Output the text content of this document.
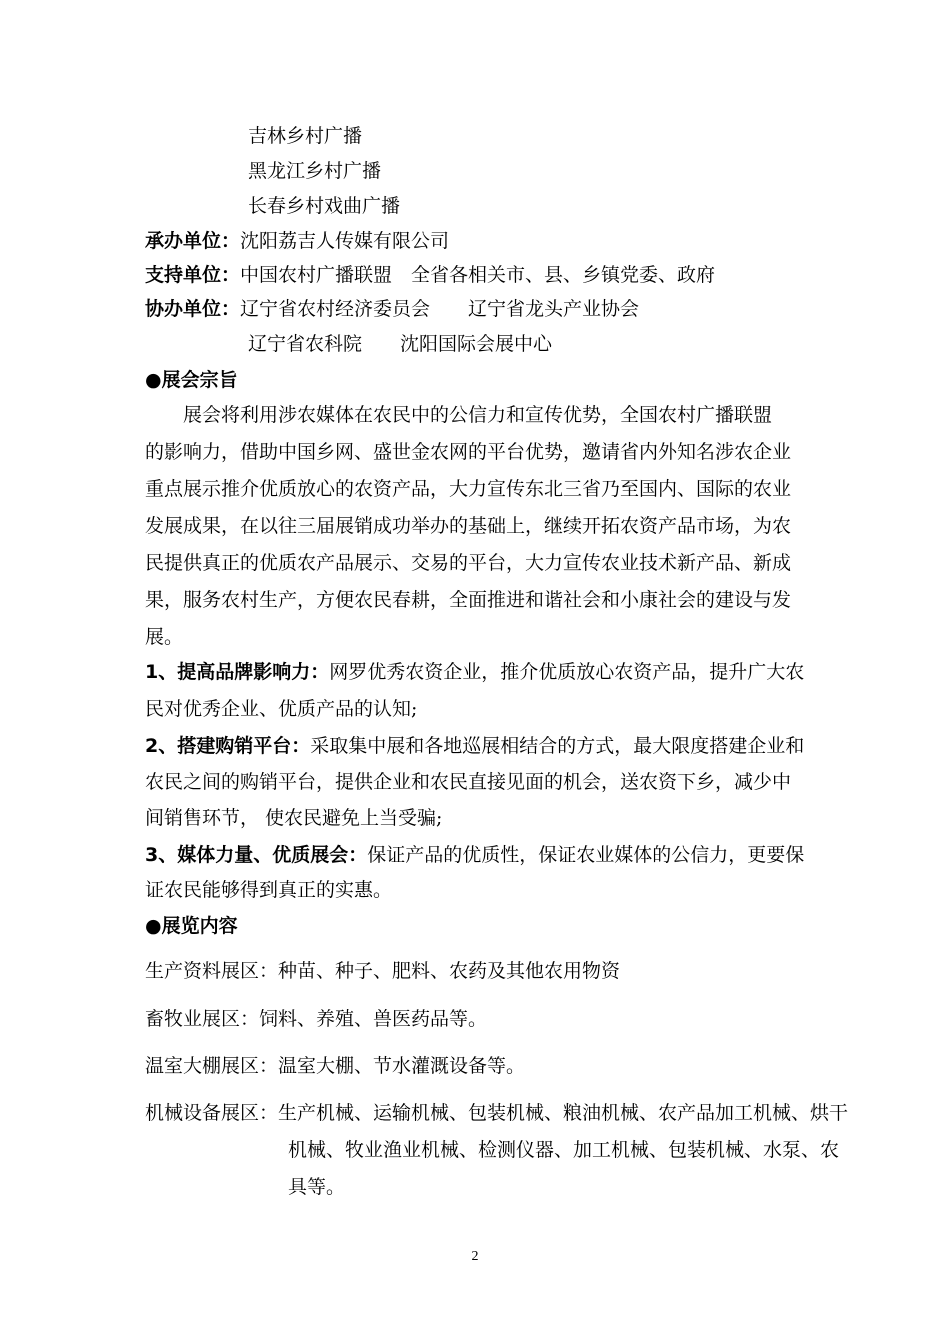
吉林乡村广播
黑龙江乡村广播
长春乡村戏曲广播
承办单位：沈阳荔吉人传媒有限公司
支持单位：中国农村广播联盟　全省各相关市、县、乡镇党委、政府
协办单位：辽宁省农村经济委员会　　辽宁省龙头产业协会
辽宁省农科院　　沈阳国际会展中心
●展会宗旨
展会将利用涉农媒体在农民中的公信力和宣传优势，全国农村广播联盟
的影响力，借助中国乡网、盛世金农网的平台优势，邀请省内外知名涉农企业
重点展示推介优质放心的农资产品，大力宣传东北三省乃至国内、国际的农业
发展成果，在以往三届展销成功举办的基础上，继续开拓农资产品市场，为农
民提供真正的优质农产品展示、交易的平台，大力宣传农业技术新产品、新成
果，服务农村生产，方便农民春耕，全面推进和谐社会和小康社会的建设与发
展。
1、提高品牌影响力：网罗优秀农资企业，推介优质放心农资产品，提升广大农
民对优秀企业、优质产品的认知;
2、搭建购销平台：采取集中展和各地巡展相结合的方式，最大限度搭建企业和
农民之间的购销平台，提供企业和农民直接见面的机会，送农资下乡，减少中
间销售环节， 使农民避免上当受骗;
3、媒体力量、优质展会：保证产品的优质性，保证农业媒体的公信力，更要保
证农民能够得到真正的实惠。
●展览内容
生产资料展区：种苗、种子、肥料、农药及其他农用物资
畜牧业展区：饲料、养殖、兽医药品等。
温室大棚展区：温室大棚、节水灌溉设备等。
机械设备展区：生产机械、运输机械、包装机械、粮油机械、农产品加工机械、烘干
机械、牧业渔业机械、检测仪器、加工机械、包装机械、水泵、农
具等。
2
